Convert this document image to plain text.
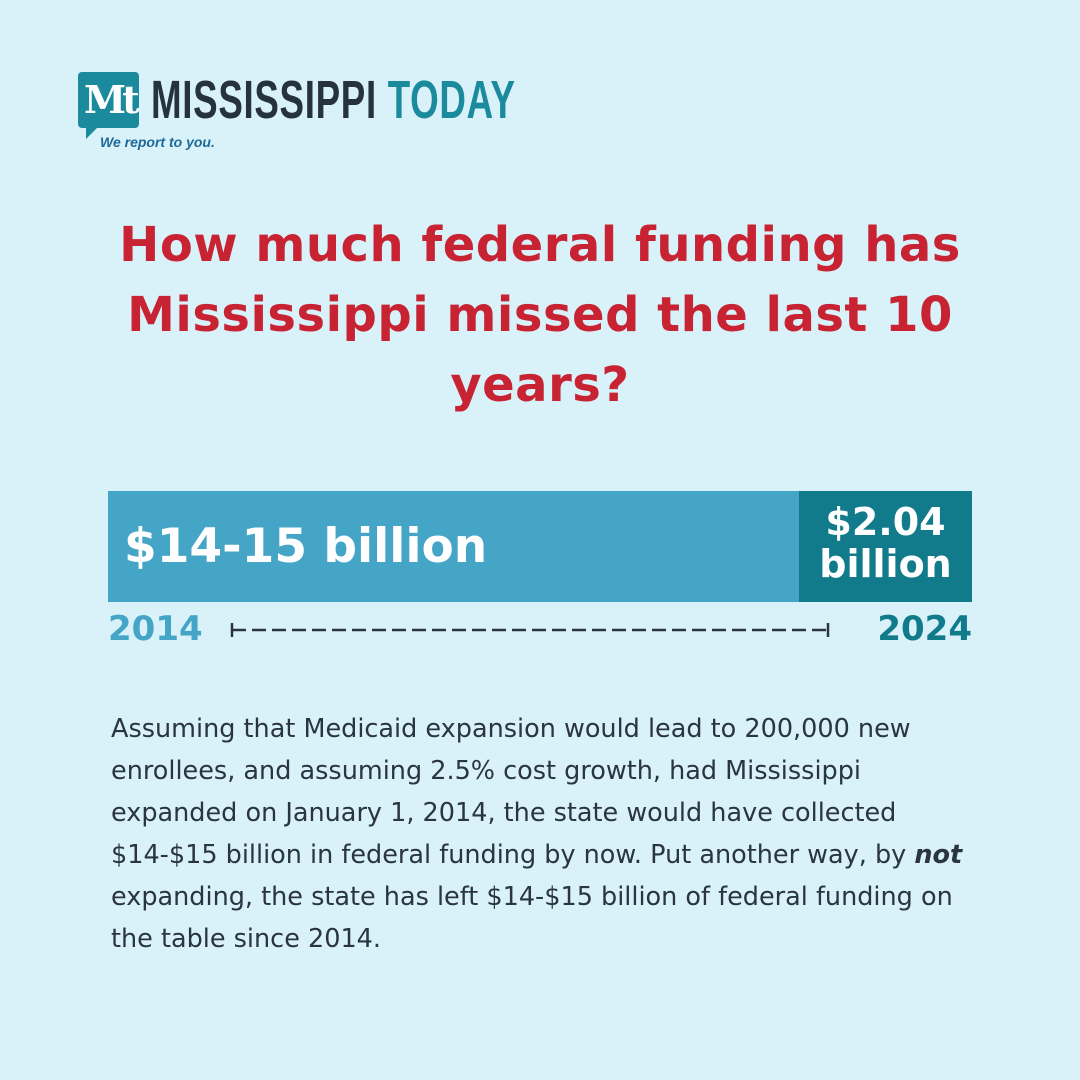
Mt MISSISSIPPI TODAY
We report to you.
How much federal funding has Mississippi missed the last 10 years?
$14-15 billion	$2.04
billion
2014	2024
Assuming that Medicaid expansion would lead to 200,000 new enrollees, and assuming 2.5% cost growth, had Mississippi expanded on January 1, 2014, the state would have collected $14-$15 billion in federal funding by now. Put another way, by not expanding, the state has left $14-$15 billion of federal funding on the table since 2014.
